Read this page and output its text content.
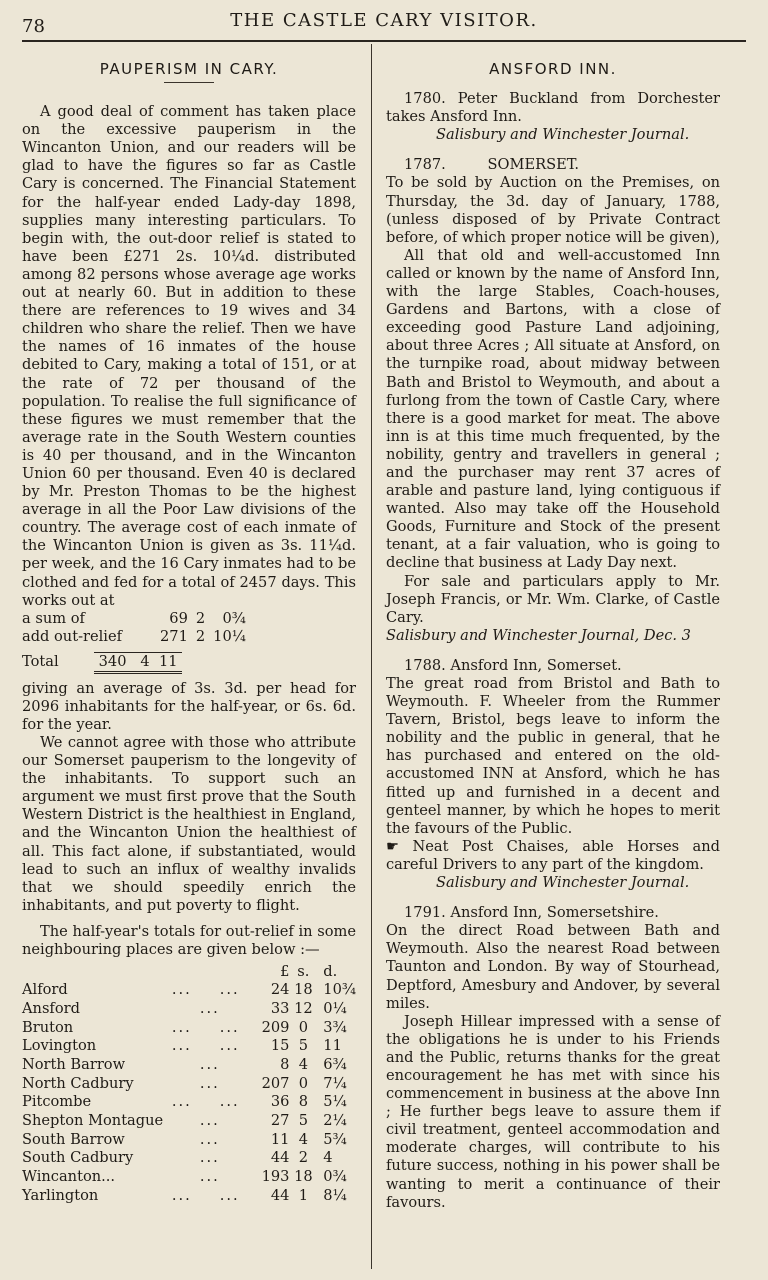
78	THE CASTLE CARY VISITOR.
PAUPERISM IN CARY.

A good deal of comment has taken place on the excessive pauperism in the Wincanton Union, and our readers will be glad to have the figures so far as Castle Cary is concerned. The Financial Statement for the half-year ended Lady-day 1898, supplies many interesting particulars. To begin with, the out-door relief is stated to have been £271 2s. 10¼d. distributed among 82 persons whose average age works out at nearly 60. But in addition to these there are references to 19 wives and 34 children who share the relief. Then we have the names of 16 inmates of the house debited to Cary, making a total of 151, or at the rate of 72 per thousand of the population. To realise the full significance of these figures we must remember that the average rate in the South Western counties is 40 per thousand, and in the Wincanton Union 60 per thousand. Even 40 is declared by Mr. Preston Thomas to be the highest average in all the Poor Law divisions of the country. The average cost of each inmate of the Wincanton Union is given as 3s. 11¼d. per week, and the 16 Cary inmates had to be clothed and fed for a total of 2457 days. This works out at

a sum of	69	2	0¾
add out-relief	271	2	10¼
Total	340 4 11

giving an average of 3s. 3d. per head for 2096 inhabitants for the half-year, or 6s. 6d. for the year.

We cannot agree with those who attribute our Somerset pauperism to the longevity of the inhabitants. To support such an argument we must first prove that the South Western District is the healthiest in England, and the Wincanton Union the healthiest of all. This fact alone, if substantiated, would lead to such an influx of wealthy invalids that we should speedily enrich the inhabitants, and put poverty to flight.

The half-year's totals for out-relief in some neighbouring places are given below :—

		£	s.	d.
Alford	... ...	24	18	10¾
Ansford	...	33	12	0¼
Bruton	... ...	209	0	3¾
Lovington	... ...	15	5	11
North Barrow	...	8	4	6¾
North Cadbury	...	207	0	7¼
Pitcombe	... ...	36	8	5¼
Shepton Montague	...	27	5	2¼
South Barrow	...	11	4	5¾
South Cadbury	...	44	2	4
Wincanton...	...	193	18	0¾
Yarlington	... ...	44	1	8¼
ANSFORD INN.

1780. Peter Buckland from Dorchester takes Ansford Inn.

Salisbury and Winchester Journal.

1787.	SOMERSET.

To be sold by Auction on the Premises, on Thursday, the 3d. day of January, 1788, (unless disposed of by Private Contract before, of which proper notice will be given),

All that old and well-accustomed Inn called or known by the name of Ansford Inn, with the large Stables, Coach-houses, Gardens and Bartons, with a close of exceeding good Pasture Land adjoining, about three Acres ; All situate at Ansford, on the turnpike road, about midway between Bath and Bristol to Weymouth, and about a furlong from the town of Castle Cary, where there is a good market for meat. The above inn is at this time much frequented, by the nobility, gentry and travellers in general ; and the purchaser may rent 37 acres of arable and pasture land, lying contiguous if wanted. Also may take off the Household Goods, Furniture and Stock of the present tenant, at a fair valuation, who is going to decline that business at Lady Day next.

For sale and particulars apply to Mr. Joseph Francis, or Mr. Wm. Clarke, of Castle Cary.

Salisbury and Winchester Journal, Dec. 3

1788. Ansford Inn, Somerset.

The great road from Bristol and Bath to Weymouth. F. Wheeler from the Rummer Tavern, Bristol, begs leave to inform the nobility and the public in general, that he has purchased and entered on the old-accustomed INN at Ansford, which he has fitted up and furnished in a decent and genteel manner, by which he hopes to merit the favours of the Public.

☛ Neat Post Chaises, able Horses and careful Drivers to any part of the kingdom.

Salisbury and Winchester Journal.

1791. Ansford Inn, Somersetshire.

On the direct Road between Bath and Weymouth. Also the nearest Road between Taunton and London. By way of Stourhead, Deptford, Amesbury and Andover, by several miles.

Joseph Hillear impressed with a sense of the obligations he is under to his Friends and the Public, returns thanks for the great encouragement he has met with since his commencement in business at the above Inn ; He further begs leave to assure them if civil treatment, genteel accommodation and moderate charges, will contribute to his future success, nothing in his power shall be wanting to merit a continuance of their favours.
